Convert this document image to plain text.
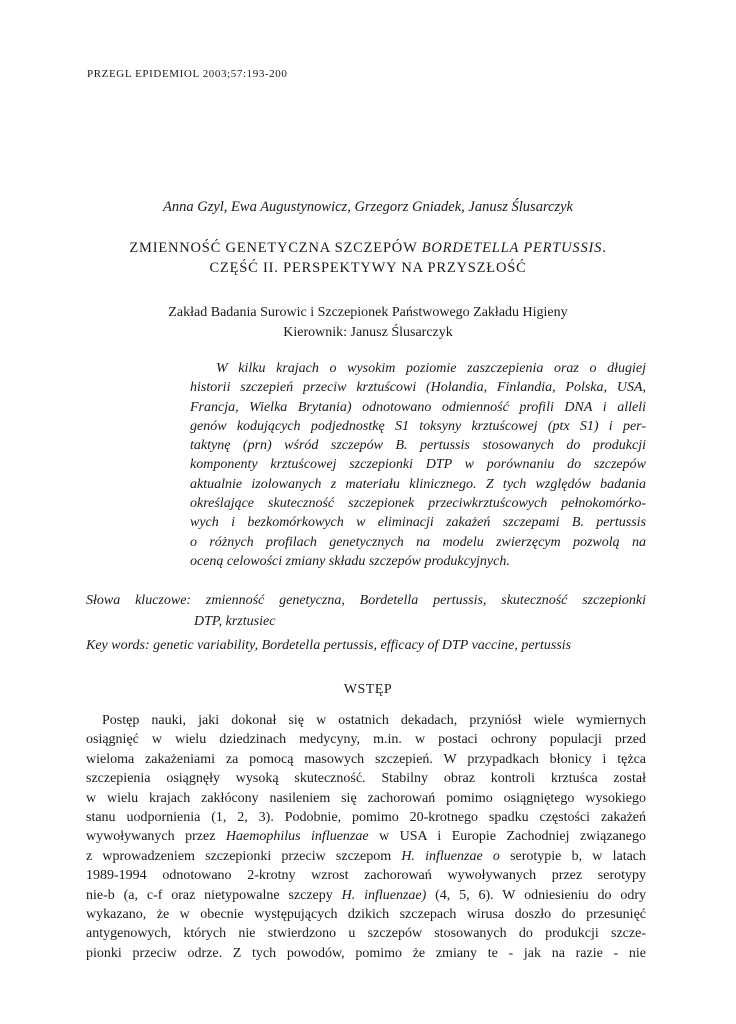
PRZEGL EPIDEMIOL 2003;57:193-200
Anna Gzyl, Ewa Augustynowicz, Grzegorz Gniadek, Janusz Ślusarczyk
ZMIENNOŚĆ GENETYCZNA SZCZEPÓW BORDETELLA PERTUSSIS.
CZĘŚĆ II. PERSPEKTYWY NA PRZYSZŁOŚĆ
Zakład Badania Surowic i Szczepionek Państwowego Zakładu Higieny
Kierownik: Janusz Ślusarczyk
W kilku krajach o wysokim poziomie zaszczepienia oraz o długiej
historii szczepień przeciw krztuścowi (Holandia, Finlandia, Polska, USA,
Francja, Wielka Brytania) odnotowano odmienność profili DNA i alleli
genów kodujących podjednostkę S1 toksyny krztuścowej (ptx S1) i per-
taktynę (prn) wśród szczepów B. pertussis stosowanych do produkcji
komponenty krztuścowej szczepionki DTP w porównaniu do szczepów
aktualnie izolowanych z materiału klinicznego. Z tych względów badania
określające skuteczność szczepionek przeciwkrztuścowych pełnokomórko-
wych i bezkomórkowych w eliminacji zakażeń szczepami B. pertussis
o różnych profilach genetycznych na modelu zwierzęcym pozwolą na
oceną celowości zmiany składu szczepów produkcyjnych.
Słowa kluczowe: zmienność genetyczna, Bordetella pertussis, skuteczność szczepionki
DTP, krztusiec
Key words: genetic variability, Bordetella pertussis, efficacy of DTP vaccine, pertussis
WSTĘP
Postęp nauki, jaki dokonał się w ostatnich dekadach, przyniósł wiele wymiernych
osiągnięć w wielu dziedzinach medycyny, m.in. w postaci ochrony populacji przed
wieloma zakażeniami za pomocą masowych szczepień. W przypadkach błonicy i tężca
szczepienia osiągnęły wysoką skuteczność. Stabilny obraz kontroli krztuśca został
w wielu krajach zakłócony nasileniem się zachorowań pomimo osiągniętego wysokiego
stanu uodpornienia (1, 2, 3). Podobnie, pomimo 20-krotnego spadku częstości zakażeń
wywoływanych przez Haemophilus influenzae w USA i Europie Zachodniej związanego
z wprowadzeniem szczepionki przeciw szczepom H. influenzae o serotypie b, w latach
1989-1994 odnotowano 2-krotny wzrost zachorowań wywoływanych przez serotypy
nie-b (a, c-f oraz nietypowalne szczepy H. influenzae) (4, 5, 6). W odniesieniu do odry
wykazano, że w obecnie występujących dzikich szczepach wirusa doszło do przesunięć
antygenowych, których nie stwierdzono u szczepów stosowanych do produkcji szcze-
pionki przeciw odrze. Z tych powodów, pomimo że zmiany te - jak na razie - nie
